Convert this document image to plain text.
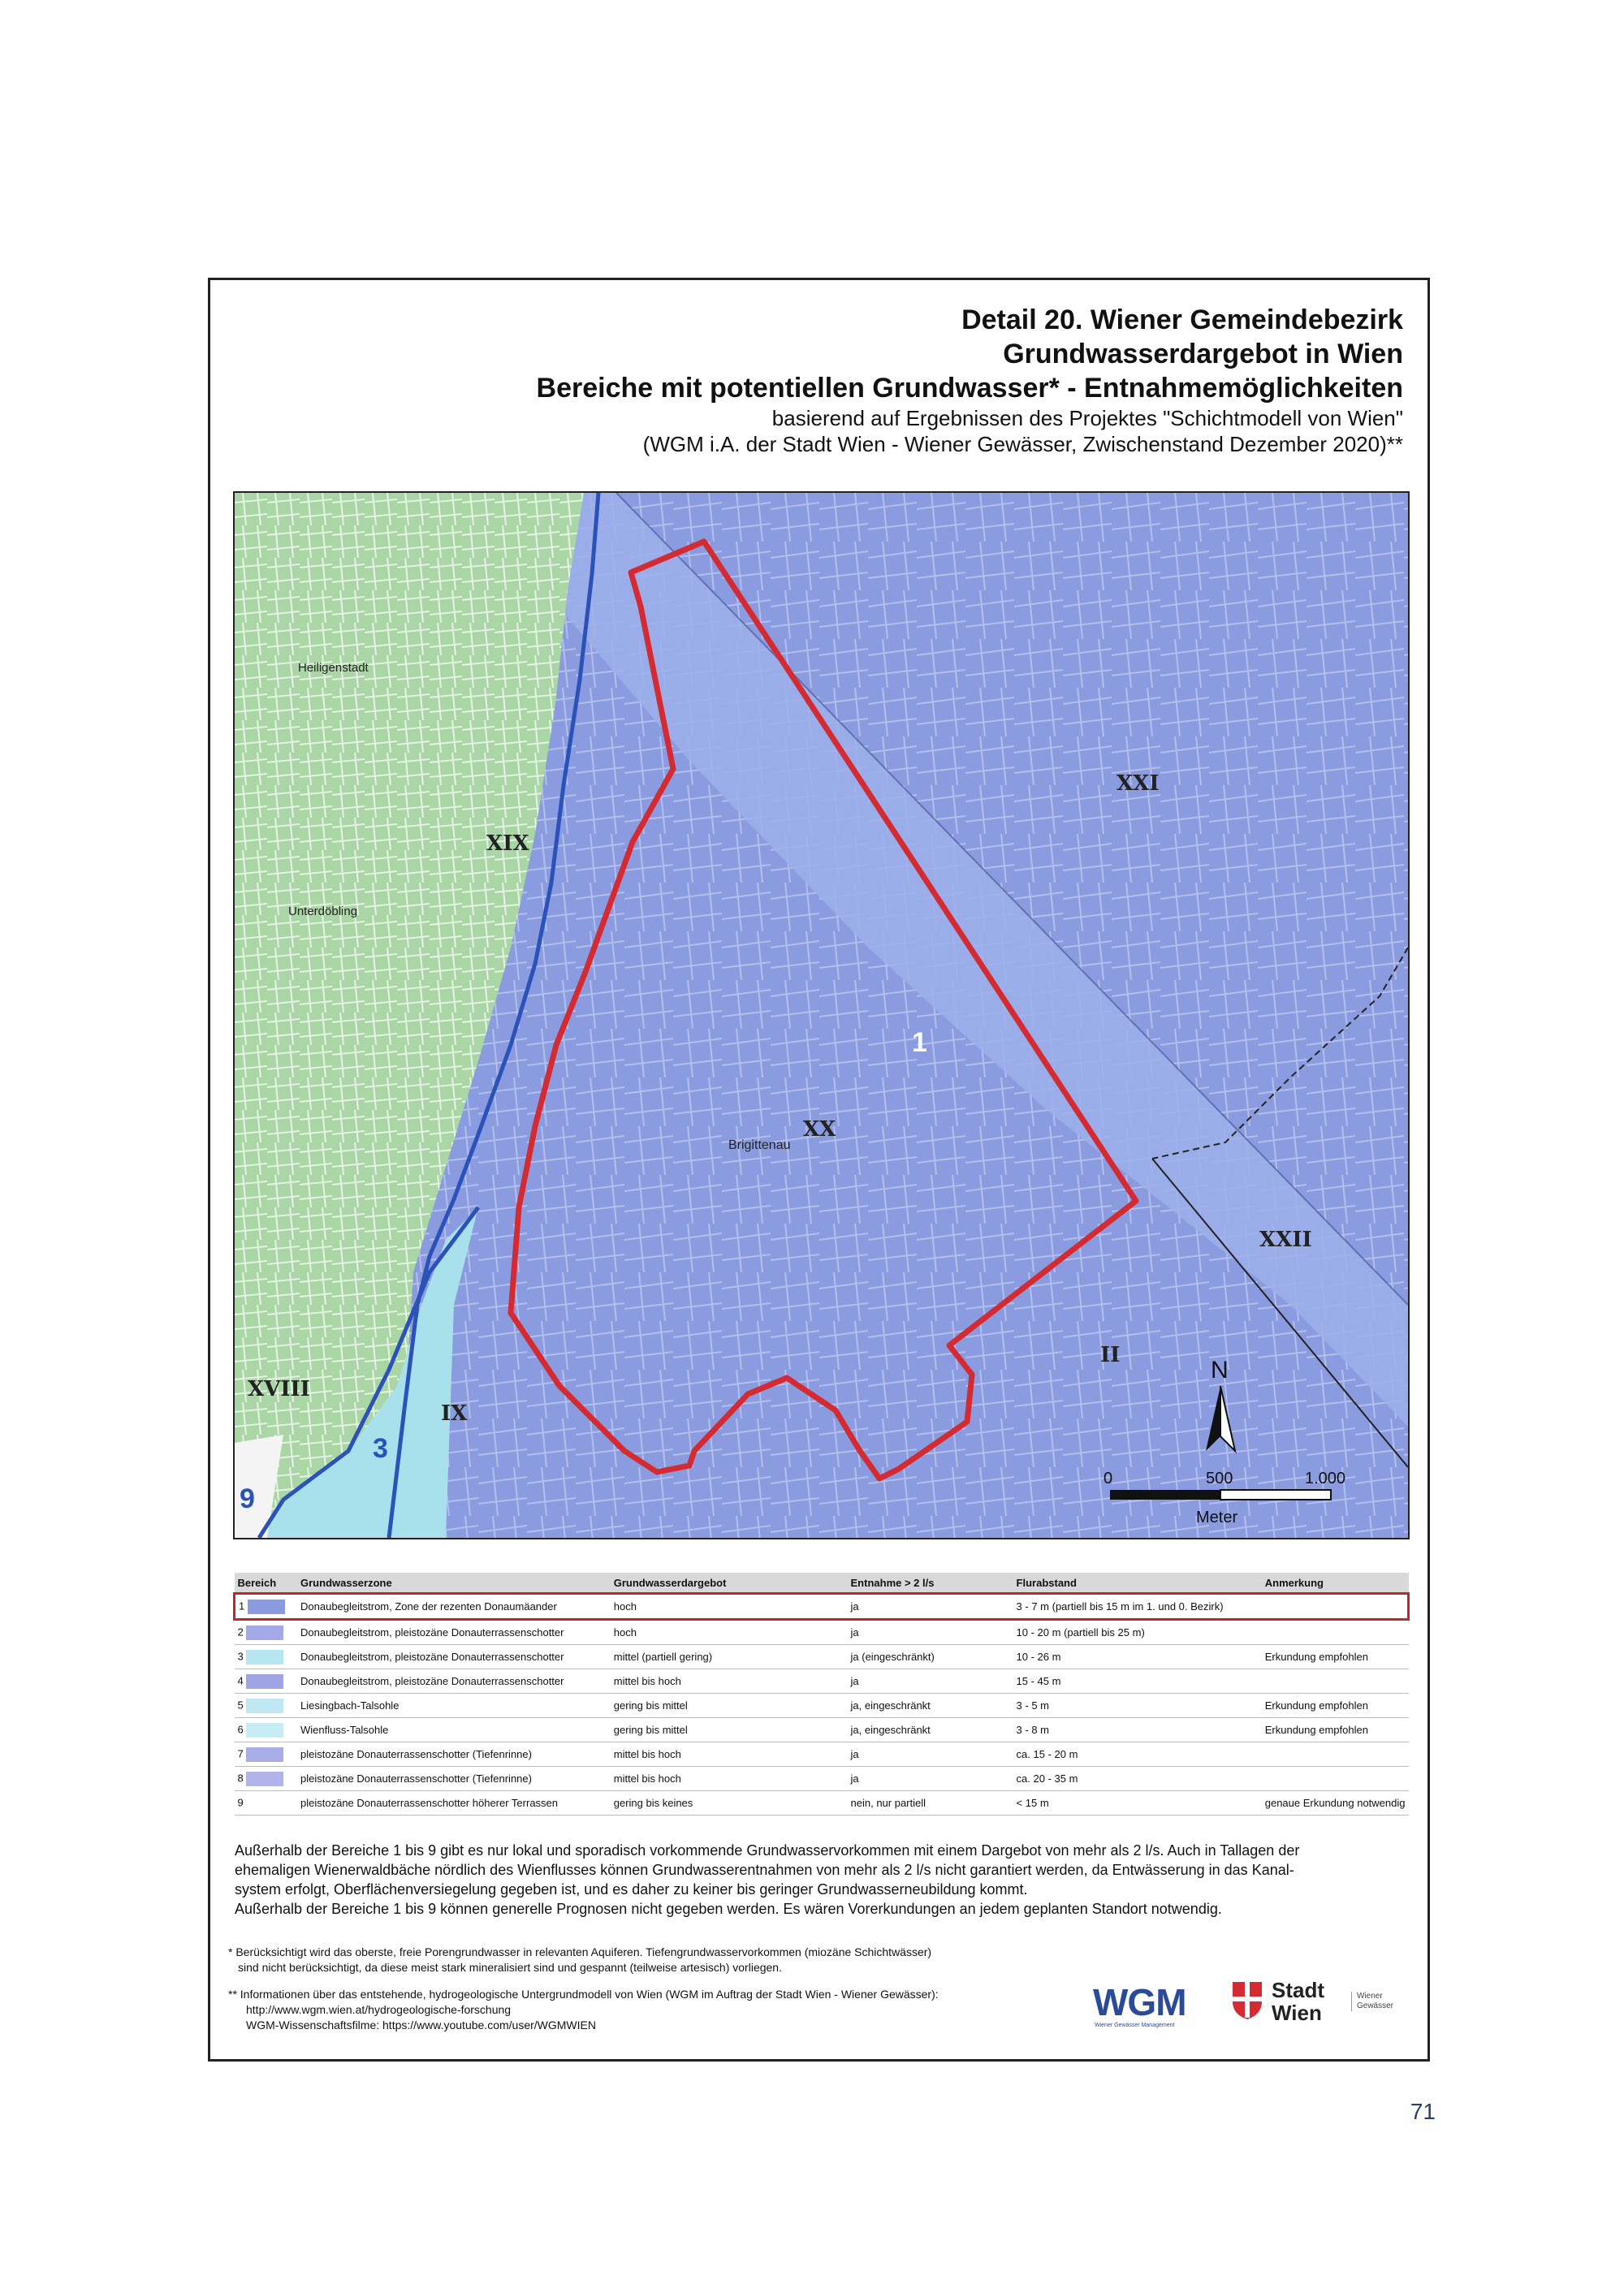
Detail 20. Wiener Gemeindebezirk
Grundwasserdargebot in Wien
Bereiche mit potentiellen Grundwasser* - Entnahmemöglichkeiten
basierend auf Ergebnissen des Projektes "Schichtmodell von Wien"
(WGM i.A. der Stadt Wien - Wiener Gewässer, Zwischenstand Dezember 2020)**
XIX
XXI
XX
XXII
II
XVIII
IX
Brigittenau
Heiligenstadt
Unterdöbling
1
3
9
N
0	500	1.000
Meter
Bereich	Grundwasserzone	Grundwasserdargebot	Entnahme > 2 l/s	Flurabstand	Anmerkung
1	Donaubegleitstrom, Zone der rezenten Donaumäander	hoch	ja	3 - 7 m (partiell bis 15 m im 1. und 0. Bezirk)	
2	Donaubegleitstrom, pleistozäne Donauterrassenschotter	hoch	ja	10 - 20 m (partiell bis 25 m)	
3	Donaubegleitstrom, pleistozäne Donauterrassenschotter	mittel (partiell gering)	ja (eingeschränkt)	10 - 26 m	Erkundung empfohlen
4	Donaubegleitstrom, pleistozäne Donauterrassenschotter	mittel bis hoch	ja	15 - 45 m	
5	Liesingbach-Talsohle	gering bis mittel	ja, eingeschränkt	3 - 5 m	Erkundung empfohlen
6	Wienfluss-Talsohle	gering bis mittel	ja, eingeschränkt	3 - 8 m	Erkundung empfohlen
7	pleistozäne Donauterrassenschotter (Tiefenrinne)	mittel bis hoch	ja	ca. 15 - 20 m	
8	pleistozäne Donauterrassenschotter (Tiefenrinne)	mittel bis hoch	ja	ca. 20 - 35 m	
9	pleistozäne Donauterrassenschotter höherer Terrassen	gering bis keines	nein, nur partiell	< 15 m	genaue Erkundung notwendig

Außerhalb der Bereiche 1 bis 9 gibt es nur lokal und sporadisch vorkommende Grundwasservorkommen mit einem Dargebot von mehr als 2 l/s. Auch in Tallagen der

ehemaligen Wienerwaldbäche nördlich des Wienflusses können Grundwasserentnahmen von mehr als 2 l/s nicht garantiert werden, da Entwässerung in das Kanal-

system erfolgt, Oberflächenversiegelung gegeben ist, und es daher zu keiner bis geringer Grundwasserneubildung kommt.

Außerhalb der Bereiche 1 bis 9 können generelle Prognosen nicht gegeben werden. Es wären Vorerkundungen an jedem geplanten Standort notwendig.

* Berücksichtigt wird das oberste, freie Porengrundwasser in relevanten Aquiferen. Tiefengrundwasservorkommen (miozäne Schichtwässer)

sind nicht berücksichtigt, da diese meist stark mineralisiert sind und gespannt (teilweise artesisch) vorliegen.

** Informationen über das entstehende, hydrogeologische Untergrundmodell von Wien (WGM im Auftrag der Stadt Wien - Wiener Gewässer):

http://www.wgm.wien.at/hydrogeologische-forschung

WGM-Wissenschaftsfilme: https://www.youtube.com/user/WGMWIEN

WGM
Wiener Gewässer Management
Stadt
Wien
Wiener
Gewässer
71
